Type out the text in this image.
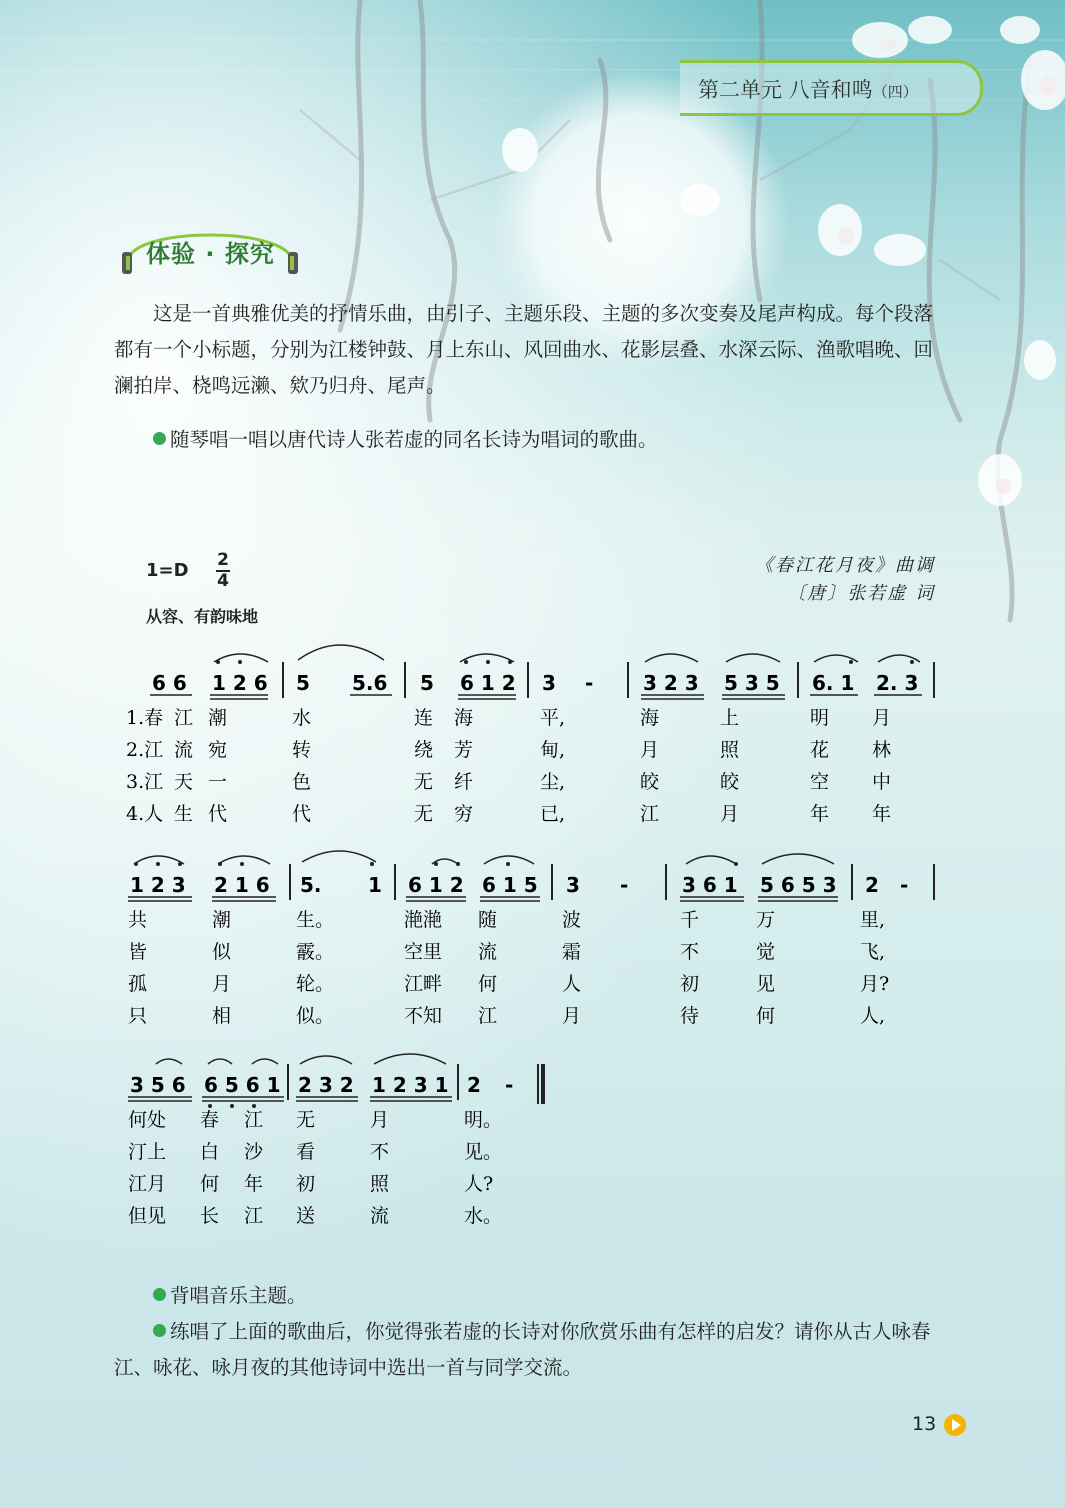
第二单元 八音和鸣（四）
体验 · 探究

这是一首典雅优美的抒情乐曲，由引子、主题乐段、主题的多次变奏及尾声构成。每个段落都有一个小标题，分别为江楼钟鼓、月上东山、风回曲水、花影层叠、水深云际、渔歌唱晚、回澜拍岸、桡鸣远濑、欸乃归舟、尾声。

随琴唱一唱以唐代诗人张若虚的同名长诗为唱词的歌曲。
1=D 2
4
从容、有韵味地
《春江花月夜》曲调
〔唐〕张若虚 词
6 6 1 2 6 5 5.6 5 6 1 2 3 - 3 2 3 5 3 5 6. 1 2. 3
1 2 3 2 1 6 5. 1 6 1 2 6 1 5 3 -	3 6 1 5 6 5 3 2 -
3 5 6 6 5 6 1 2 3 2 1 2 3 1 2 -
1.春 江 潮	水	连 海	平,	海	上	明 月
2.江 流 宛	转	绕 芳	甸,	月	照	花 林
3.江 天 一	色	无 纤	尘,	皎	皎	空 中
4.人 生 代	代	无 穷	已,	江	月	年 年
共	潮	生。	滟滟 随	波	千	万	里,
皆	似	霰。	空里 流	霜	不	觉	飞,
孤	月	轮。	江畔 何	人	初	见	月?
只	相	似。	不知 江	月	待	何	人,
何处 春 江 无	月	明。
汀上 白 沙 看	不	见。
江月 何 年 初	照	人?
但见 长 江 送	流	水。
背唱音乐主题。

练唱了上面的歌曲后，你觉得张若虚的长诗对你欣赏乐曲有怎样的启发？请你从古人咏春江、咏花、咏月夜的其他诗词中选出一首与同学交流。

13
